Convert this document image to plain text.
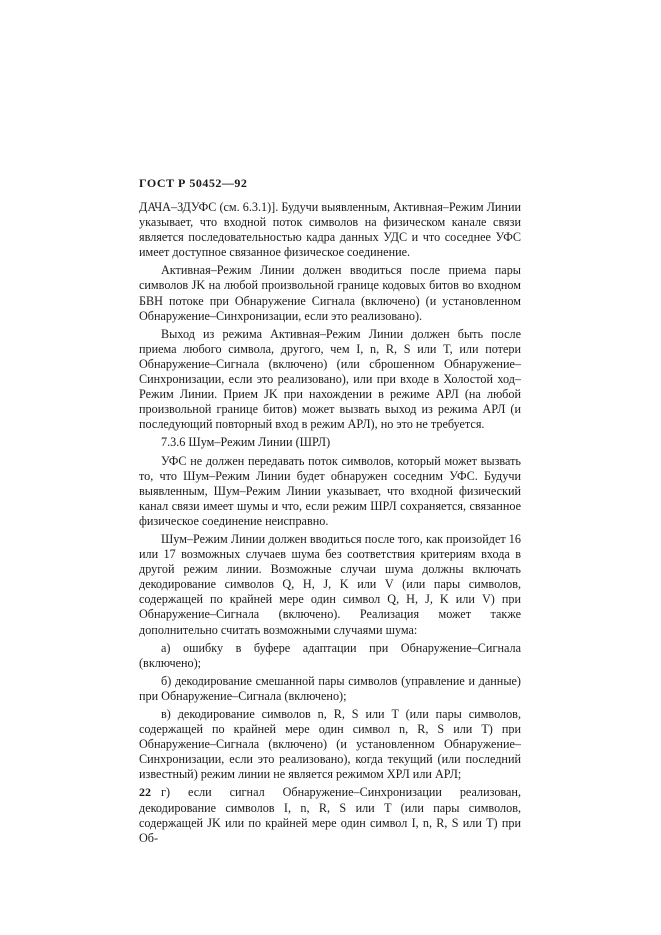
ГОСТ Р 50452—92

ДАЧА–ЗДУФС (см. 6.3.1)]. Будучи выявленным, Активная–Режим Линии указывает, что входной поток символов на физическом канале связи является последовательностью кадра данных УДС и что соседнее УФС имеет доступное связанное физическое соединение.

Активная–Режим Линии должен вводиться после приема пары символов JK на любой произвольной границе кодовых битов во входном БВН потоке при Обнаружение Сигнала (включено) (и установленном Обнаружение–Синхронизации, если это реализовано).

Выход из режима Активная–Режим Линии должен быть после приема любого символа, другого, чем I, n, R, S или T, или потери Обнаружение–Сигнала (включено) (или сброшенном Обнаружение–Синхронизации, если это реализовано), или при входе в Холостой ход–Режим Линии. Прием JK при нахождении в режиме АРЛ (на любой произвольной границе битов) может вызвать выход из режима АРЛ (и последующий повторный вход в режим АРЛ), но это не требуется.

7.3.6 Шум–Режим Линии (ШРЛ)

УФС не должен передавать поток символов, который может вызвать то, что Шум–Режим Линии будет обнаружен соседним УФС. Будучи выявленным, Шум–Режим Линии указывает, что входной физический канал связи имеет шумы и что, если режим ШРЛ сохраняется, связанное физическое соединение неисправно.

Шум–Режим Линии должен вводиться после того, как произойдет 16 или 17 возможных случаев шума без соответствия критериям входа в другой режим линии. Возможные случаи шума должны включать декодирование символов Q, H, J, K или V (или пары символов, содержащей по крайней мере один символ Q, H, J, K или V) при Обнаружение–Сигнала (включено). Реализация может также дополнительно считать возможными случаями шума:

а) ошибку в буфере адаптации при Обнаружение–Сигнала (включено);

б) декодирование смешанной пары символов (управление и данные) при Обнаружение–Сигнала (включено);

в) декодирование символов n, R, S или T (или пары символов, содержащей по крайней мере один символ n, R, S или T) при Обнаружение–Сигнала (включено) (и установленном Обнаружение–Синхронизации, если это реализовано), когда текущий (или последний известный) режим линии не является режимом ХРЛ или АРЛ;

г) если сигнал Обнаружение–Синхронизации реализован, декодирование символов I, n, R, S или T (или пары символов, содержащей JK или по крайней мере один символ I, n, R, S или T) при Об-

22
